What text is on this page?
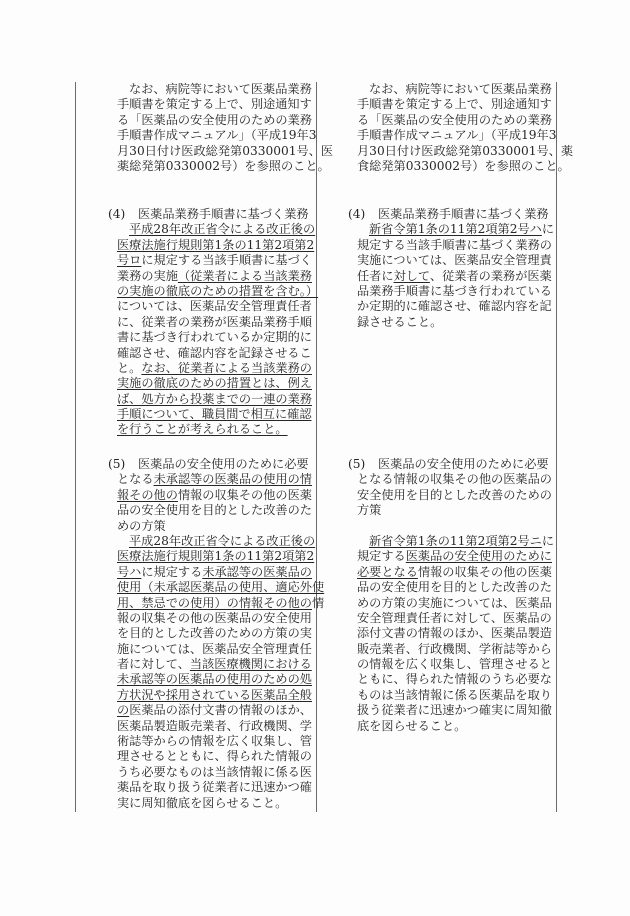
なお、病院等において医薬品業務
手順書を策定する上で、別途通知す
る「医薬品の安全使用のための業務
手順書作成マニュアル」（平成19年3
月30日付け医政総発第0330001号、医
薬総発第0330002号）を参照のこと。
(4) 医薬品業務手順書に基づく業務
平成28年改正省令による改正後の
医療法施行規則第1条の11第2項第2
号ロに規定する当該手順書に基づく
業務の実施（従業者による当該業務
の実施の徹底のための措置を含む。）
については、医薬品安全管理責任者
に、従業者の業務が医薬品業務手順
書に基づき行われているか定期的に
確認させ、確認内容を記録させるこ
と。なお、従業者による当該業務の
実施の徹底のための措置とは、例え
ば、処方から投薬までの一連の業務
手順について、職員間で相互に確認
を行うことが考えられること。
(5) 医薬品の安全使用のために必要
となる未承認等の医薬品の使用の情
報その他の情報の収集その他の医薬
品の安全使用を目的とした改善のた
めの方策
平成28年改正省令による改正後の
医療法施行規則第1条の11第2項第2
号ハに規定する未承認等の医薬品の
使用（未承認医薬品の使用、適応外使
用、禁忌での使用）の情報その他の情
報の収集その他の医薬品の安全使用
を目的とした改善のための方策の実
施については、医薬品安全管理責任
者に対して、当該医療機関における
未承認等の医薬品の使用のための処
方状況や採用されている医薬品全般
の医薬品の添付文書の情報のほか、
医薬品製造販売業者、行政機関、学
術誌等からの情報を広く収集し、管
理させるとともに、得られた情報の
うち必要なものは当該情報に係る医
薬品を取り扱う従業者に迅速かつ確
実に周知徹底を図らせること。
なお、病院等において医薬品業務
手順書を策定する上で、別途通知す
る「医薬品の安全使用のための業務
手順書作成マニュアル」（平成19年3
月30日付け医政総発第0330001号、薬
食総発第0330002号）を参照のこと。
(4) 医薬品業務手順書に基づく業務
新省令第1条の11第2項第2号ハに
規定する当該手順書に基づく業務の
実施については、医薬品安全管理責
任者に対して、従業者の業務が医薬
品業務手順書に基づき行われている
か定期的に確認させ、確認内容を記
録させること。
(5) 医薬品の安全使用のために必要
となる情報の収集その他の医薬品の
安全使用を目的とした改善のための
方策
新省令第1条の11第2項第2号ニに
規定する医薬品の安全使用のために
必要となる情報の収集その他の医薬
品の安全使用を目的とした改善のた
めの方策の実施については、医薬品
安全管理責任者に対して、医薬品の
添付文書の情報のほか、医薬品製造
販売業者、行政機関、学術誌等から
の情報を広く収集し、管理させると
ともに、得られた情報のうち必要な
ものは当該情報に係る医薬品を取り
扱う従業者に迅速かつ確実に周知徹
底を図らせること。
